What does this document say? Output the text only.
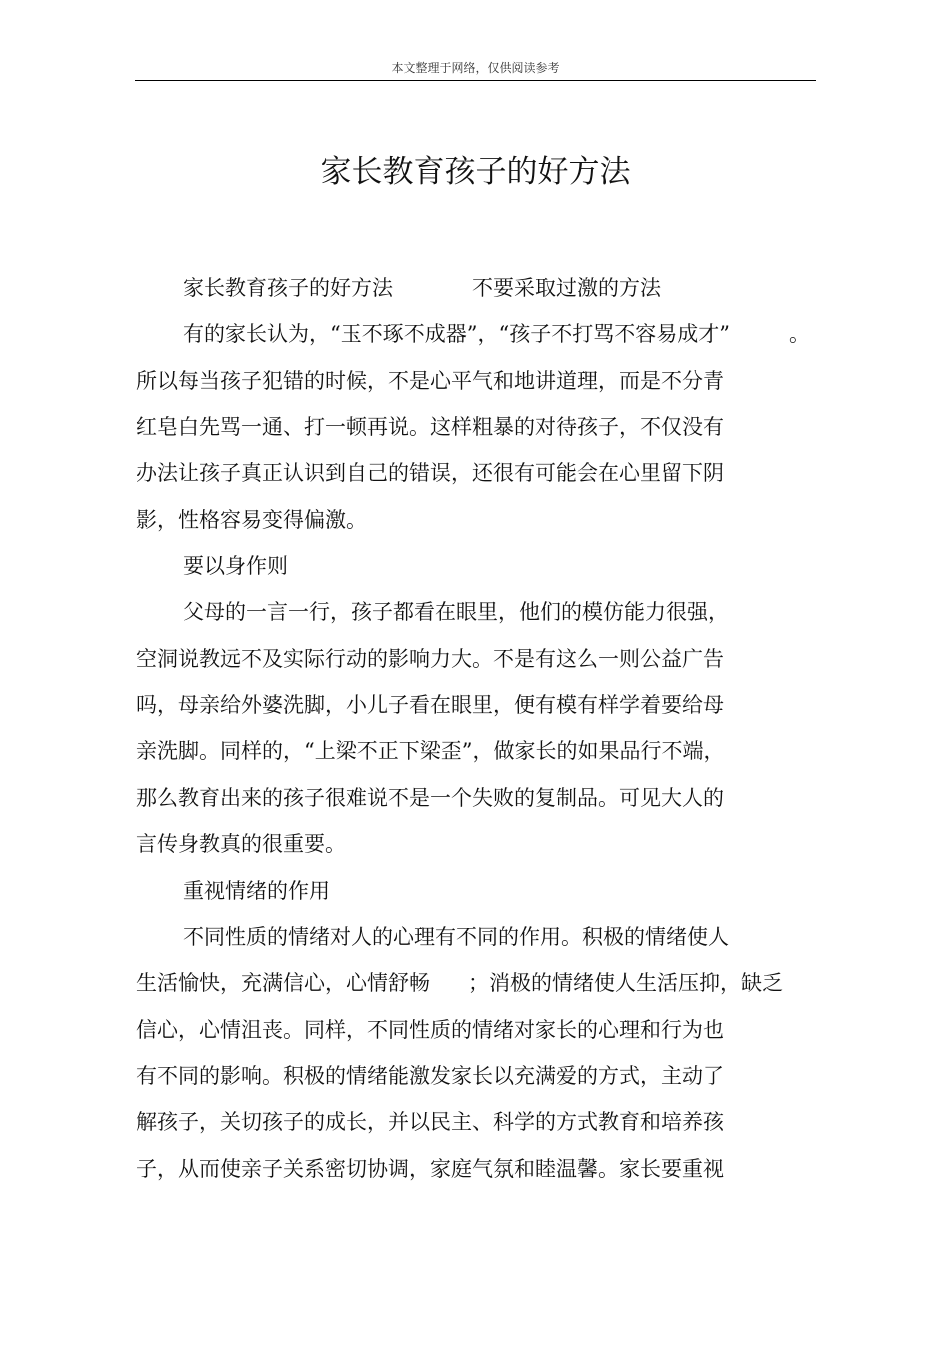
本文整理于网络，仅供阅读参考
家长教育孩子的好方法
家长教育孩子的好方法	不要采取过激的方法
有的家长认为，“玉不琢不成器”，“孩子不打骂不容易成才”	。
所以每当孩子犯错的时候，不是心平气和地讲道理，而是不分青
红皂白先骂一通、打一顿再说。这样粗暴的对待孩子，不仅没有
办法让孩子真正认识到自己的错误，还很有可能会在心里留下阴
影，性格容易变得偏激。
要以身作则
父母的一言一行，孩子都看在眼里，他们的模仿能力很强，
空洞说教远不及实际行动的影响力大。不是有这么一则公益广告
吗，母亲给外婆洗脚，小儿子看在眼里，便有模有样学着要给母
亲洗脚。同样的，“上梁不正下梁歪”，做家长的如果品行不端，
那么教育出来的孩子很难说不是一个失败的复制品。可见大人的
言传身教真的很重要。
重视情绪的作用
不同性质的情绪对人的心理有不同的作用。积极的情绪使人
生活愉快，充满信心，心情舒畅 ；消极的情绪使人生活压抑，缺乏
信心，心情沮丧。同样，不同性质的情绪对家长的心理和行为也
有不同的影响。积极的情绪能激发家长以充满爱的方式，主动了
解孩子，关切孩子的成长，并以民主、科学的方式教育和培养孩
子，从而使亲子关系密切协调，家庭气氛和睦温馨。家长要重视
